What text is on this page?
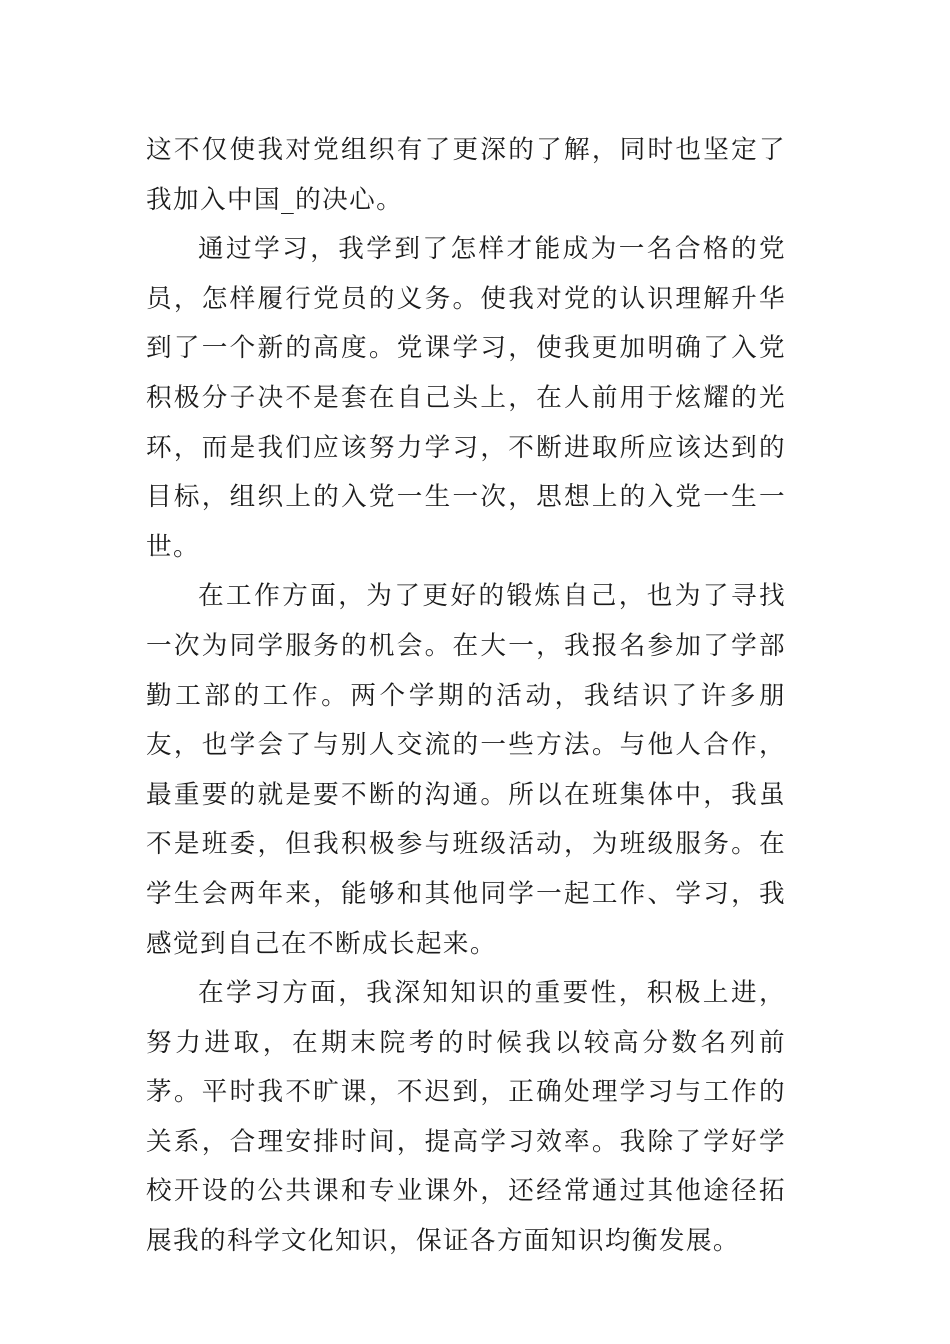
这不仅使我对党组织有了更深的了解，同时也坚定了我加入中国_的决心。

通过学习，我学到了怎样才能成为一名合格的党员，怎样履行党员的义务。使我对党的认识理解升华到了一个新的高度。党课学习，使我更加明确了入党积极分子决不是套在自己头上，在人前用于炫耀的光环，而是我们应该努力学习，不断进取所应该达到的目标，组织上的入党一生一次，思想上的入党一生一世。

在工作方面，为了更好的锻炼自己，也为了寻找一次为同学服务的机会。在大一，我报名参加了学部勤工部的工作。两个学期的活动，我结识了许多朋友，也学会了与别人交流的一些方法。与他人合作，最重要的就是要不断的沟通。所以在班集体中，我虽不是班委，但我积极参与班级活动，为班级服务。在学生会两年来，能够和其他同学一起工作、学习，我感觉到自己在不断成长起来。

在学习方面，我深知知识的重要性，积极上进，努力进取，在期末院考的时候我以较高分数名列前茅。平时我不旷课，不迟到，正确处理学习与工作的关系，合理安排时间，提高学习效率。我除了学好学校开设的公共课和专业课外，还经常通过其他途径拓展我的科学文化知识，保证各方面知识均衡发展。
